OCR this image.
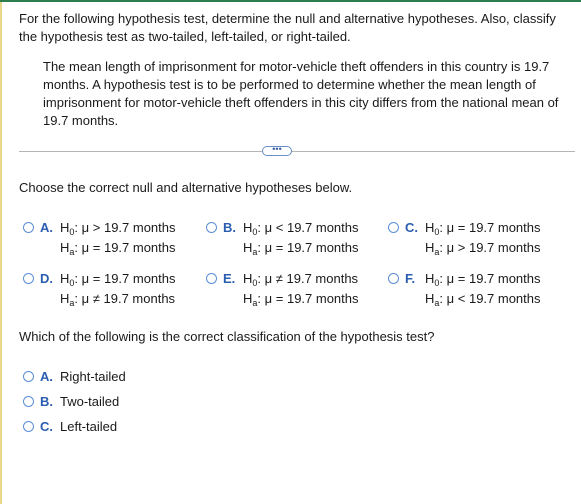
For the following hypothesis test, determine the null and alternative hypotheses. Also, classify the hypothesis test as two-tailed, left-tailed, or right-tailed.

The mean length of imprisonment for motor-vehicle theft offenders in this country is 19.7 months. A hypothesis test is to be performed to determine whether the mean length of imprisonment for motor-vehicle theft offenders in this city differs from the national mean of 19.7 months.

•••

Choose the correct null and alternative hypotheses below.

A. $H_0$: μ > 19.7 months
$H_a$: μ = 19.7 months
B. $H_0$: μ < 19.7 months
$H_a$: μ = 19.7 months
C. $H_0$: μ = 19.7 months
$H_a$: μ > 19.7 months
D. $H_0$: μ = 19.7 months
$H_a$: μ ≠ 19.7 months
E. $H_0$: μ ≠ 19.7 months
$H_a$: μ = 19.7 months
F. $H_0$: μ = 19.7 months
$H_a$: μ < 19.7 months

Which of the following is the correct classification of the hypothesis test?

A. Right-tailed
B. Two-tailed
C. Left-tailed
